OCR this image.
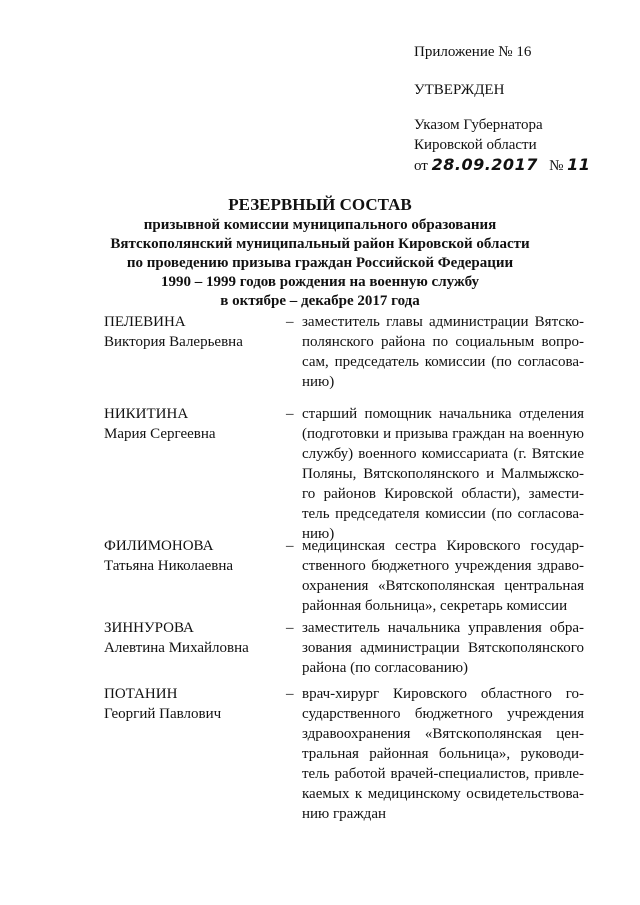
Приложение № 16
УТВЕРЖДЕН
Указом Губернатора
Кировской области
от 28.09.2017 № 11
РЕЗЕРВНЫЙ СОСТАВ
призывной комиссии муниципального образования
Вятскополянский муниципальный район Кировской области
по проведению призыва граждан Российской Федерации
1990 – 1999 годов рождения на военную службу
в октябре – декабре 2017 года
ПЕЛЕВИНА
Виктория Валерьевна
– заместитель главы администрации Вятско-
полянского района по социальным вопро-
сам, председатель комиссии (по согласова-
нию)
НИКИТИНА
Мария Сергеевна
– старший помощник начальника отделения
(подготовки и призыва граждан на военную
службу) военного комиссариата (г. Вятские
Поляны, Вятскополянского и Малмыжско-
го районов Кировской области), замести-
тель председателя комиссии (по согласова-
нию)
ФИЛИМОНОВА
Татьяна Николаевна
– медицинская сестра Кировского государ-
ственного бюджетного учреждения здраво-
охранения «Вятскополянская центральная
районная больница», секретарь комиссии
ЗИННУРОВА
Алевтина Михайловна
– заместитель начальника управления обра-
зования администрации Вятскополянского
района (по согласованию)
ПОТАНИН
Георгий Павлович
– врач-хирург Кировского областного го-
сударственного бюджетного учреждения
здравоохранения «Вятскополянская цен-
тральная районная больница», руководи-
тель работой врачей-специалистов, привле-
каемых к медицинскому освидетельствова-
нию граждан
